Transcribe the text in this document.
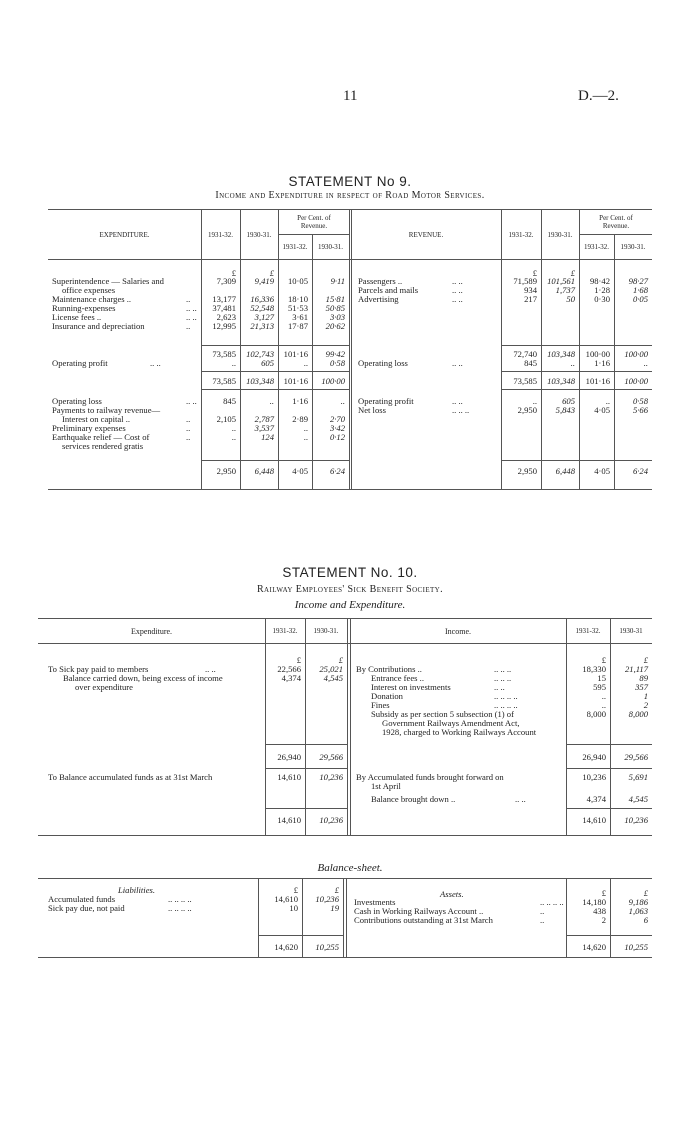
11	D.—2.
STATEMENT No 9.
Income and Expenditure in respect of Road Motor Services.
EXPENDITURE.	1931-32.	1930-31.
Per Cent. of Revenue.
1931-32.	1930-31.
REVENUE.	1931-32.	1930-31.
Per Cent. of Revenue.
1931-32.	1930-31.
£	£	£	£
Superintendence — Salaries and	7,309	9,419	10·05	9·11
office expenses
Maintenance charges ..	..	13,177	16,336	18·10	15·81
Running-expenses	.. ..	37,481	52,548	51·53	50·85
License fees ..	.. ..	2,623	3,127	3·61	3·03
Insurance and depreciation	..	12,995	21,313	17·87	20·62
73,585	102,743	101·16	99·42
Operating profit	.. ..	..	605	..	0·58
73,585	103,348	101·16	100·00
Operating loss	.. ..	845	..	1·16	..
Payments to railway revenue—
Interest on capital ..	..	2,105	2,787	2·89	2·70
Preliminary expenses	..	..	3,537	..	3·42
Earthquake relief — Cost of	..	..	124	..	0·12
services rendered gratis
2,950	6,448	4·05	6·24
Passengers ..	.. ..	71,589	101,561	98·42	98·27
Parcels and mails	.. ..	934	1,737	1·28	1·68
Advertising	.. ..	217	50	0·30	0·05
72,740	103,348	100·00	100·00
Operating loss	.. ..	845	..	1·16	..
73,585	103,348	101·16	100·00
Operating profit	.. ..	..	605	..	0·58
Net loss	.. .. ..	2,950	5,843	4·05	5·66
2,950	6,448	4·05	6·24
STATEMENT No. 10.
Railway Employees' Sick Benefit Society.
Income and Expenditure.
Expenditure.	1931-32.	1930-31.	Income.	1931-32.	1930-31
£	£	£	£
To Sick pay paid to members	.. ..	22,566	25,021
Balance carried down, being excess of income
over expenditure
4,374	4,545
26,940	29,566
To Balance accumulated funds as at 31st March	14,610	10,236
14,610	10,236
By Contributions ..	.. .. ..	18,330	21,117
Entrance fees ..	.. .. ..	15	89
Interest on investments	.. ..	595	357
Donation	.. .. .. ..	..	1
Fines	.. .. .. ..	..	2
Subsidy as per section 5 subsection (1) of	8,000	8,000
Government Railways Amendment Act,
1928, charged to Working Railways Account
26,940	29,566
By Accumulated funds brought forward on
1st April
10,236	5,691
Balance brought down ..	.. ..	4,374	4,545
14,610	10,236
Balance-sheet.
Liabilities.	Assets.
£	£	£	£
Accumulated funds	.. .. .. ..	14,610	10,236
Sick pay due, not paid	.. .. .. ..	10	19
Investments	.. .. .. ..	14,180	9,186
Cash in Working Railways Account ..	..	438	1,063
Contributions outstanding at 31st March	..	2	6
14,620	10,255	14,620	10,255
